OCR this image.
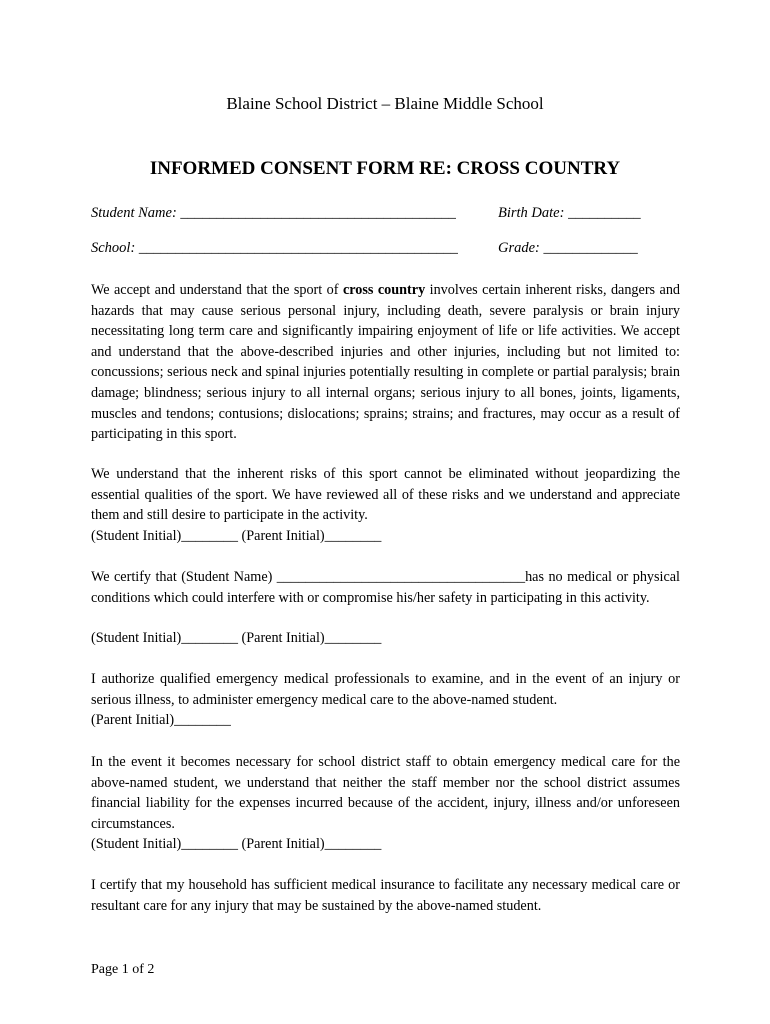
Blaine School District – Blaine Middle School
INFORMED CONSENT FORM RE: CROSS COUNTRY
Student Name: ______________________________________	Birth Date: __________
School: ____________________________________________	Grade: _____________
We accept and understand that the sport of cross country involves certain inherent risks, dangers and hazards that may cause serious personal injury, including death, severe paralysis or brain injury necessitating long term care and significantly impairing enjoyment of life or life activities. We accept and understand that the above-described injuries and other injuries, including but not limited to: concussions; serious neck and spinal injuries potentially resulting in complete or partial paralysis; brain damage; blindness; serious injury to all internal organs; serious injury to all bones, joints, ligaments, muscles and tendons; contusions; dislocations; sprains; strains; and fractures, may occur as a result of participating in this sport.
We understand that the inherent risks of this sport cannot be eliminated without jeopardizing the essential qualities of the sport. We have reviewed all of these risks and we understand and appreciate them and still desire to participate in the activity.
(Student Initial)________ (Parent Initial)________
We certify that (Student Name) ___________________________________has no medical or physical conditions which could interfere with or compromise his/her safety in participating in this activity.
(Student Initial)________ (Parent Initial)________
I authorize qualified emergency medical professionals to examine, and in the event of an injury or serious illness, to administer emergency medical care to the above-named student.
(Parent Initial)________
In the event it becomes necessary for school district staff to obtain emergency medical care for the above-named student, we understand that neither the staff member nor the school district assumes financial liability for the expenses incurred because of the accident, injury, illness and/or unforeseen circumstances.
(Student Initial)________ (Parent Initial)________
I certify that my household has sufficient medical insurance to facilitate any necessary medical care or resultant care for any injury that may be sustained by the above-named student.
Page 1 of 2
